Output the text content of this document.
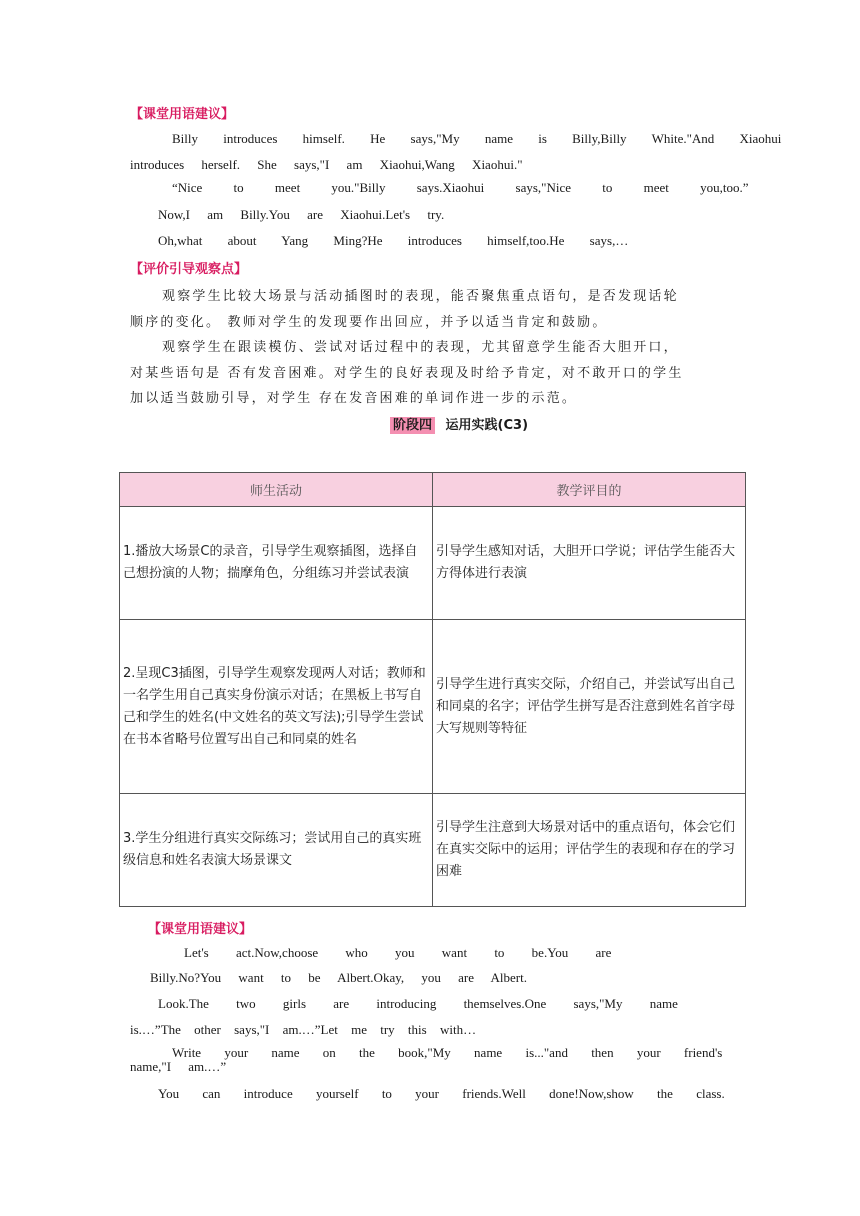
【课堂用语建议】
Billy introduces himself. He says,"My name is Billy,Billy White."And Xiaohui
introduces herself. She says,"I am Xiaohui,Wang Xiaohui."
“Nice to meet you."Billy says.Xiaohui says,"Nice to meet you,too.”
Now,I am Billy.You are Xiaohui.Let's try.
Oh,what about Yang Ming?He introduces himself,too.He says,…
【评价引导观察点】
观察学生比较大场景与活动插图时的表现，能否聚焦重点语句，是否发现话轮
顺序的变化。 教师对学生的发现要作出回应，并予以适当肯定和鼓励。
观察学生在跟读模仿、尝试对话过程中的表现，尤其留意学生能否大胆开口，
对某些语句是 否有发音困难。对学生的良好表现及时给予肯定，对不敢开口的学生
加以适当鼓励引导，对学生 存在发音困难的单词作进一步的示范。
阶段四 运用实践(C3)
师生活动	教学评目的
1.播放大场景C的录音，引导学生观察插图，选择自己想扮演的人物；揣摩角色，分组练习并尝试表演	引导学生感知对话，大胆开口学说；评估学生能否大方得体进行表演
2.呈现C3插图，引导学生观察发现两人对话；教师和一名学生用自己真实身份演示对话；在黑板上书写自己和学生的姓名(中文姓名的英文写法);引导学生尝试在书本省略号位置写出自己和同桌的姓名	引导学生进行真实交际，介绍自己，并尝试写出自己和同桌的名字；评估学生拼写是否注意到姓名首字母大写规则等特征
3.学生分组进行真实交际练习；尝试用自己的真实班级信息和姓名表演大场景课文	引导学生注意到大场景对话中的重点语句，体会它们在真实交际中的运用；评估学生的表现和存在的学习困难
【课堂用语建议】
Let's act.Now,choose who you want to be.You are
Billy.No?You want to be Albert.Okay, you are Albert.
Look.The two girls are introducing themselves.One says,"My name
is.…”The other says,"I am.…”Let me try this with…
Write your name on the book,"My name is..."and then your friend's
name,"I am.…”
You can introduce yourself to your friends.Well done!Now,show the class.
